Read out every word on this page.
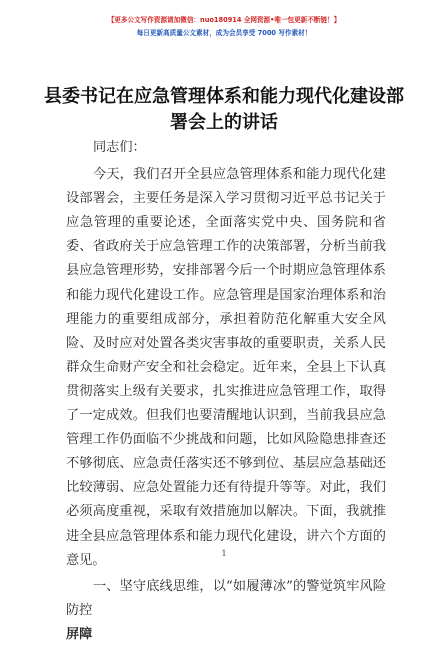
【更多公文写作资源请加微信：nuo180914 全网资源•唯一包更新不断链！】
每日更新高质量公文素材，成为会员享受 7000 写作素材！
县委书记在应急管理体系和能力现代化建设部署会上的讲话

同志们：

今天，我们召开全县应急管理体系和能力现代化建设部署会，主要任务是深入学习贯彻习近平总书记关于应急管理的重要论述，全面落实党中央、国务院和省委、省政府关于应急管理工作的决策部署，分析当前我县应急管理形势，安排部署今后一个时期应急管理体系和能力现代化建设工作。应急管理是国家治理体系和治理能力的重要组成部分，承担着防范化解重大安全风险、及时应对处置各类灾害事故的重要职责，关系人民群众生命财产安全和社会稳定。近年来，全县上下认真贯彻落实上级有关要求，扎实推进应急管理工作，取得了一定成效。但我们也要清醒地认识到，当前我县应急管理工作仍面临不少挑战和问题，比如风险隐患排查还不够彻底、应急责任落实还不够到位、基层应急基础还比较薄弱、应急处置能力还有待提升等等。对此，我们必须高度重视，采取有效措施加以解决。下面，我就推进全县应急管理体系和能力现代化建设，讲六个方面的意见。

一、坚守底线思维，以“如履薄冰”的警觉筑牢风险防控
屏障

1
